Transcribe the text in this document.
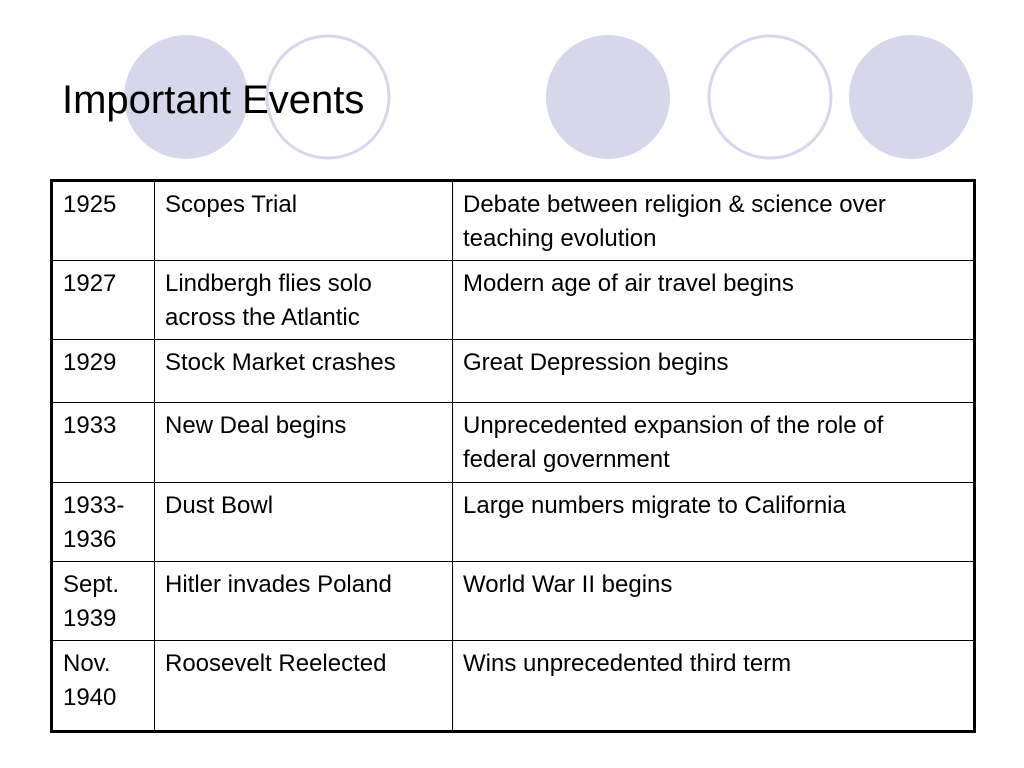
Important Events
1925	Scopes Trial	Debate between religion & science over teaching evolution
1927	Lindbergh flies solo across the Atlantic	Modern age of air travel begins
1929	Stock Market crashes	Great Depression begins
1933	New Deal begins	Unprecedented expansion of the role of federal government
1933-1936	Dust Bowl	Large numbers migrate to California
Sept. 1939	Hitler invades Poland	World War II begins
Nov. 1940	Roosevelt Reelected	Wins unprecedented third term
